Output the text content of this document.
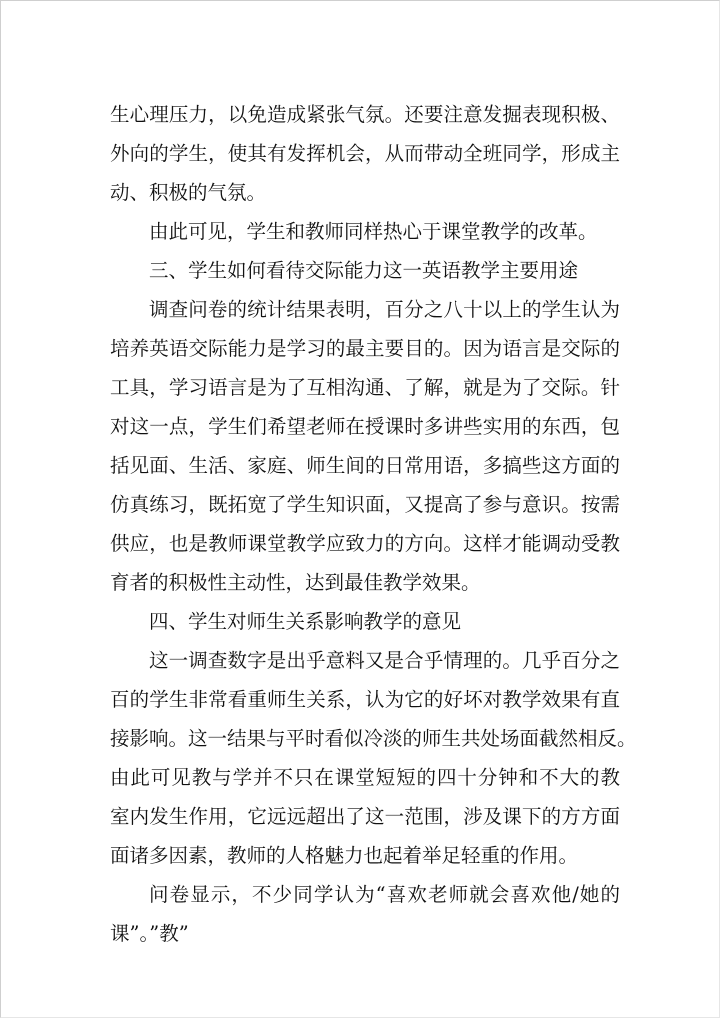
生心理压力，以免造成紧张气氛。还要注意发掘表现积极、
外向的学生，使其有发挥机会，从而带动全班同学，形成主
动、积极的气氛。
由此可见，学生和教师同样热心于课堂教学的改革。
三、学生如何看待交际能力这一英语教学主要用途
调查问卷的统计结果表明，百分之八十以上的学生认为
培养英语交际能力是学习的最主要目的。因为语言是交际的
工具，学习语言是为了互相沟通、了解，就是为了交际。针
对这一点，学生们希望老师在授课时多讲些实用的东西，包
括见面、生活、家庭、师生间的日常用语，多搞些这方面的
仿真练习，既拓宽了学生知识面，又提高了参与意识。按需
供应，也是教师课堂教学应致力的方向。这样才能调动受教
育者的积极性主动性，达到最佳教学效果。
四、学生对师生关系影响教学的意见
这一调查数字是出乎意料又是合乎情理的。几乎百分之
百的学生非常看重师生关系，认为它的好坏对教学效果有直
接影响。这一结果与平时看似冷淡的师生共处场面截然相反。
由此可见教与学并不只在课堂短短的四十分钟和不大的教
室内发生作用，它远远超出了这一范围，涉及课下的方方面
面诸多因素，教师的人格魅力也起着举足轻重的作用。
问卷显示，不少同学认为“喜欢老师就会喜欢他/她的
课”。”教”
